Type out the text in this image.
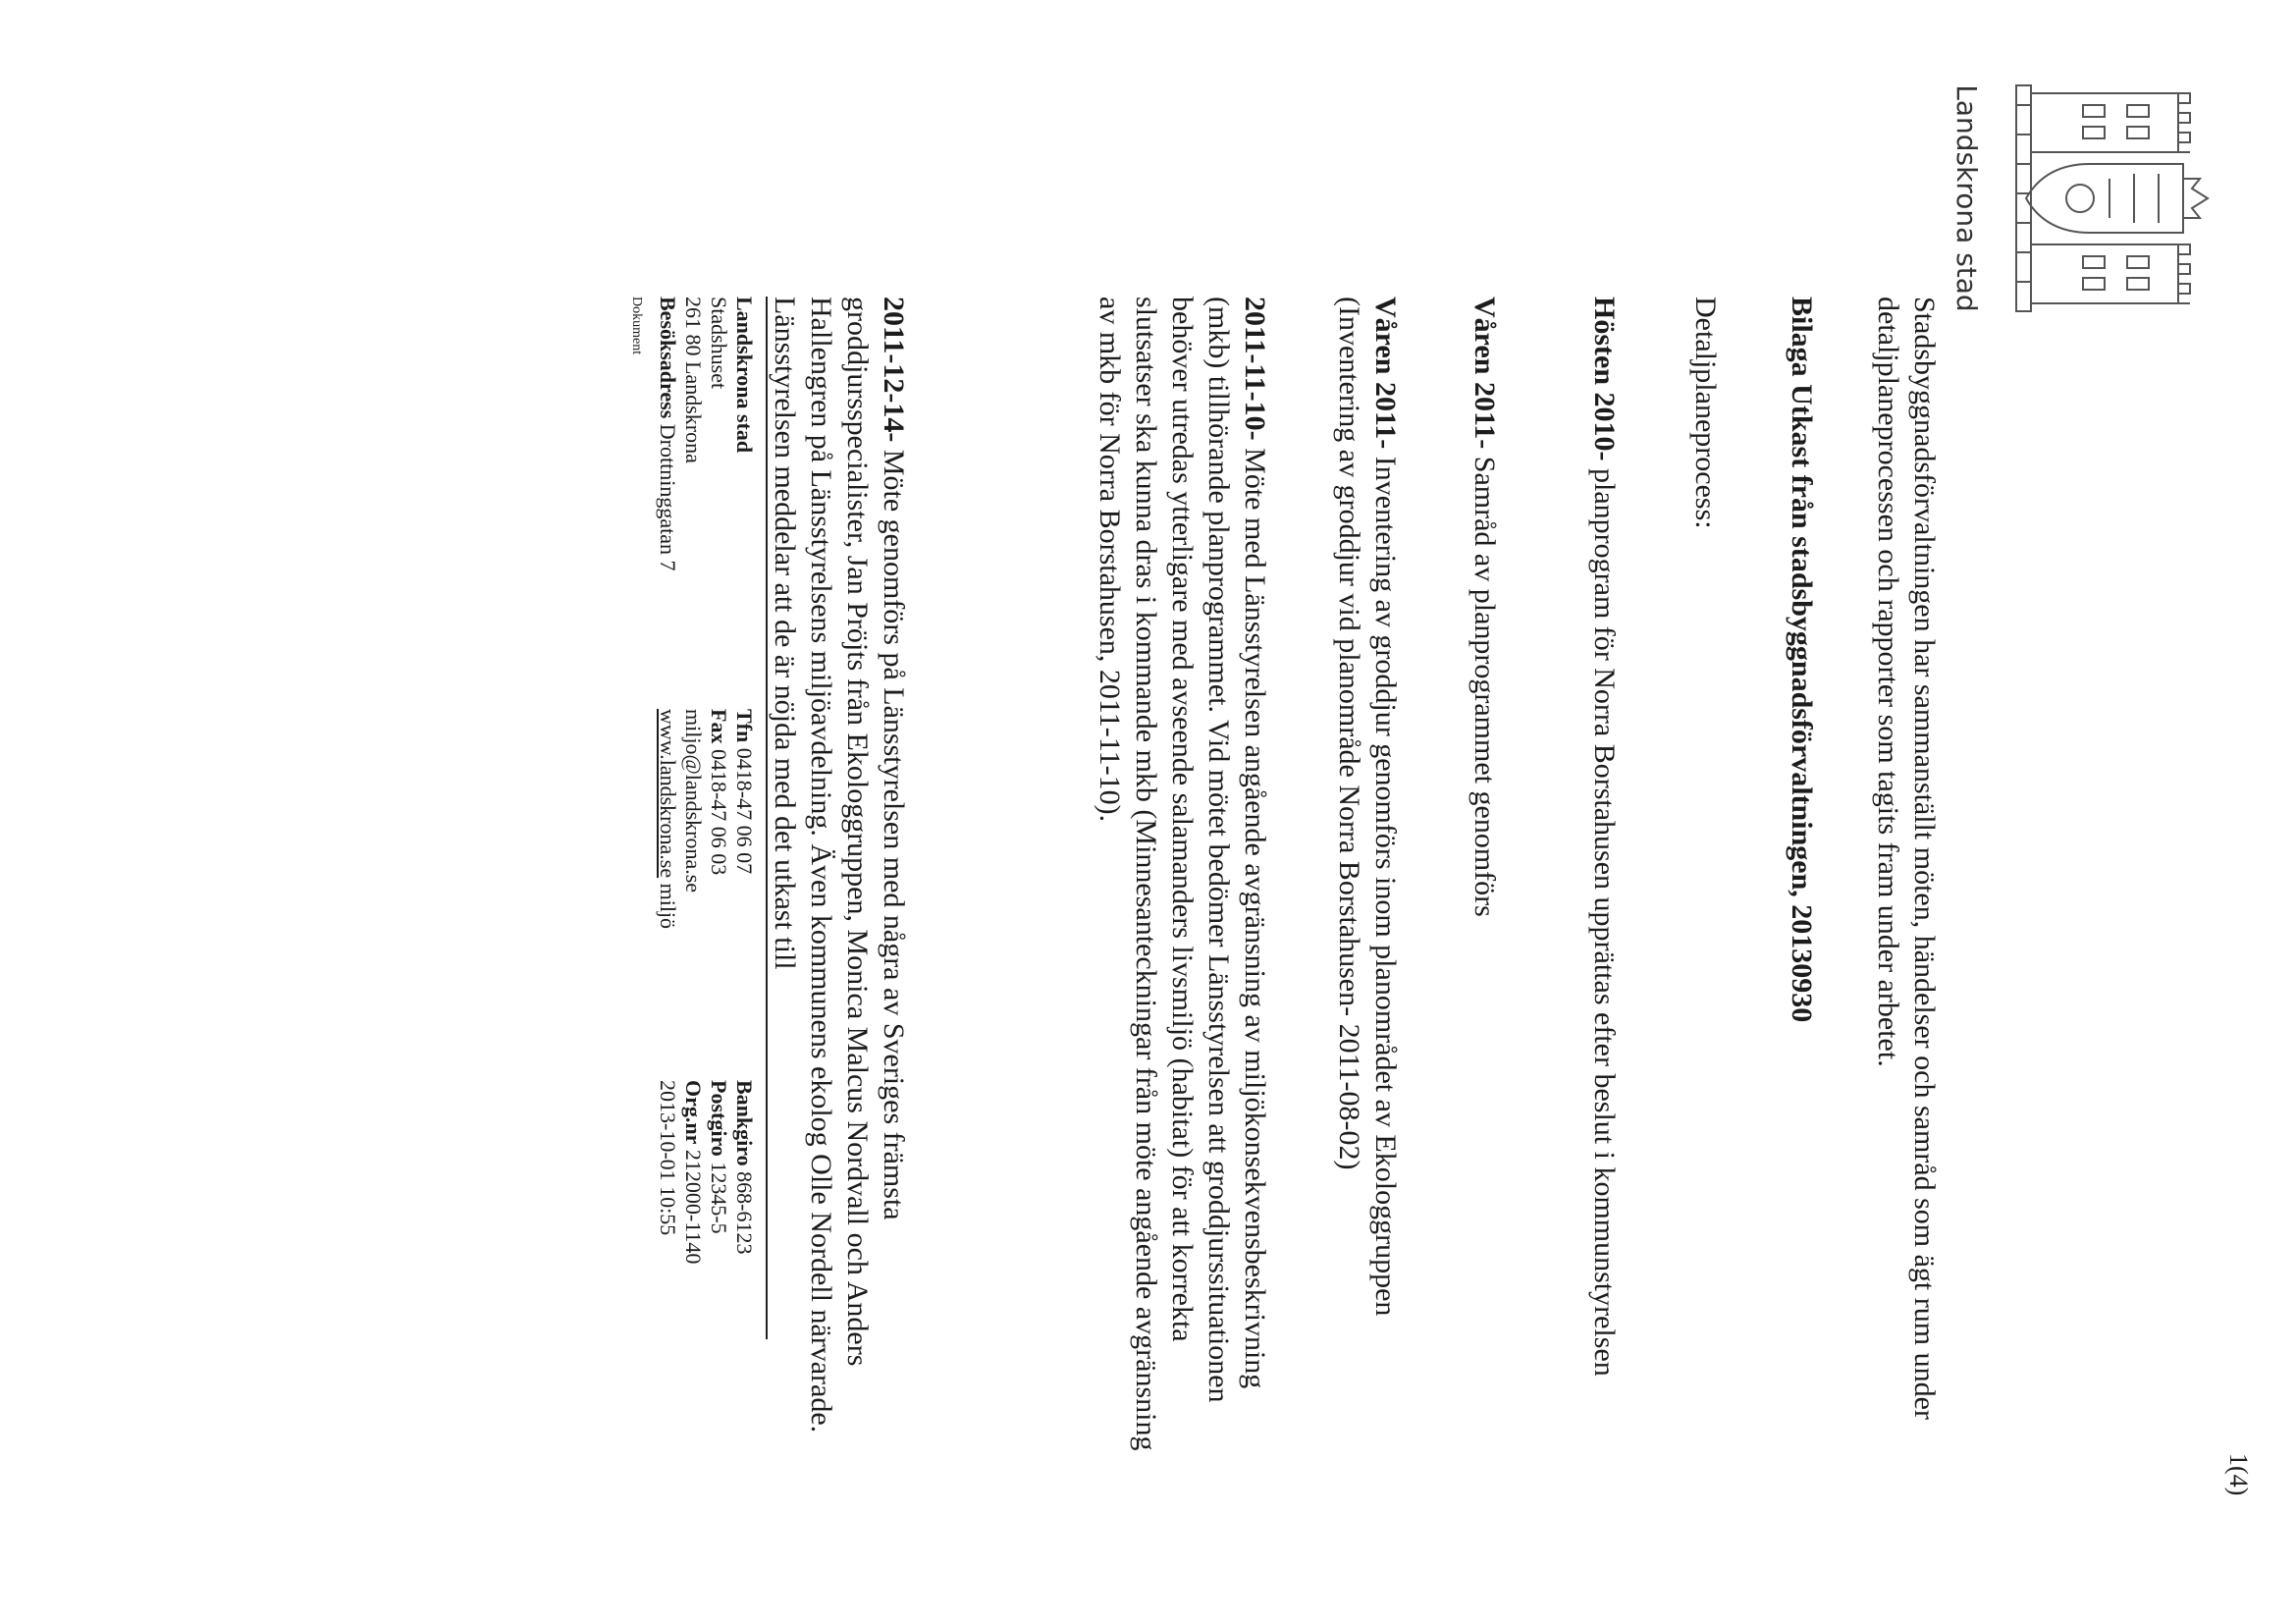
1(4)
Landskrona stad

Stadsbyggnadsförvaltningen har sammanställt möten, händelser och samråd som ägt rum under detaljplaneprocessen och rapporter som tagits fram under arbetet.

Bilaga Utkast från stadsbyggnadsförvaltningen, 20130930
Detaljplaneprocess:

Hösten 2010- planprogram för Norra Borstahusen upprättas efter beslut i kommunstyrelsen

Våren 2011- Samråd av planprogrammet genomförs

Våren 2011- Inventering av groddjur genomförs inom planområdet av Ekologgruppen (Inventering av groddjur vid planområde Norra Borstahusen- 2011-08-02)

2011-11-10- Möte med Länsstyrelsen angående avgränsning av miljökonsekvensbeskrivning (mkb) tillhörande planprogrammet. Vid mötet bedömer Länsstyrelsen att groddjurssituationen behöver utredas ytterligare med avseende salamanders livsmiljö (habitat) för att korrekta slutsatser ska kunna dras i kommande mkb (Minnesanteckningar från möte angående avgränsning av mkb för Norra Borstahusen, 2011-11-10).

2011-12-14- Möte genomförs på Länsstyrelsen med några av Sveriges främsta groddjursspecialister, Jan Pröjts från Ekologgruppen, Monica Malcus Nordvall och Anders Hallengren på Länsstyrelsens miljöavdelning. Även kommunens ekolog Olle Nordell närvarade. Länsstyrelsen meddelar att de är nöjda med det utkast till

Landskrona stad
Stadshuset
261 80 Landskrona
Besöksadress Drottninggatan 7
Tfn 0418-47 06 07
Fax 0418-47 06 03
miljo@landskrona.se
www.landskrona.se miljö
Bankgiro 868-6123
Postgiro 12345-5
Org.nr 212000-1140
2013-10-01 10:55
Dokument
